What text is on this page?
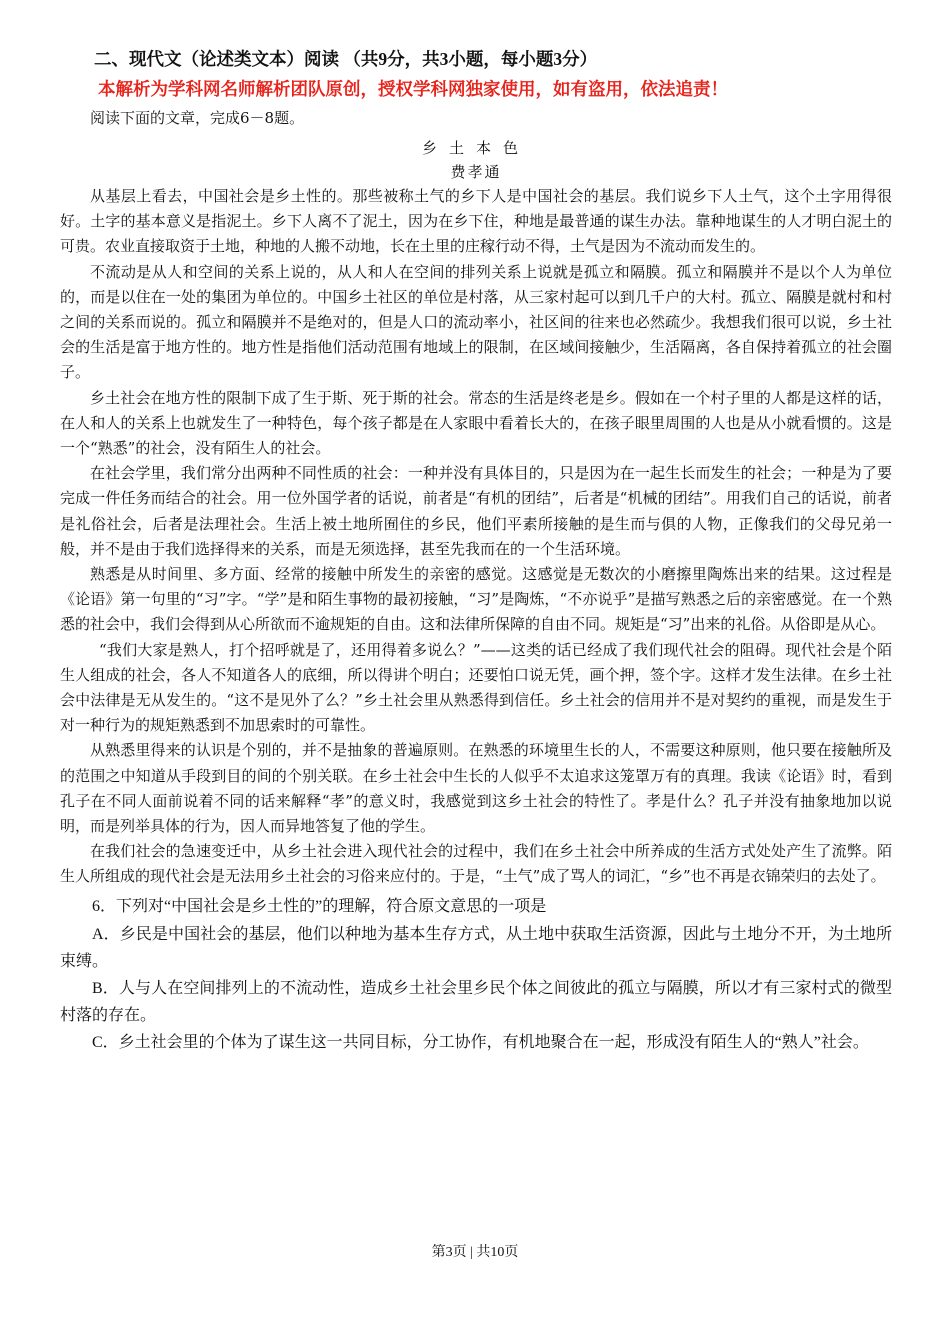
二、现代文（论述类文本）阅读 （共9分，共3小题，每小题3分）
本解析为学科网名师解析团队原创，授权学科网独家使用，如有盗用，依法追责！
阅读下面的文章，完成6－8题。
乡土本色
费孝通

从基层上看去，中国社会是乡土性的。那些被称土气的乡下人是中国社会的基层。我们说乡下人土气，这个土字用得很好。土字的基本意义是指泥土。乡下人离不了泥土，因为在乡下住，种地是最普通的谋生办法。靠种地谋生的人才明白泥土的可贵。农业直接取资于土地，种地的人搬不动地，长在土里的庄稼行动不得，土气是因为不流动而发生的。

不流动是从人和空间的关系上说的，从人和人在空间的排列关系上说就是孤立和隔膜。孤立和隔膜并不是以个人为单位的，而是以住在一处的集团为单位的。中国乡土社区的单位是村落，从三家村起可以到几千户的大村。孤立、隔膜是就村和村之间的关系而说的。孤立和隔膜并不是绝对的，但是人口的流动率小，社区间的往来也必然疏少。我想我们很可以说，乡土社会的生活是富于地方性的。地方性是指他们活动范围有地域上的限制，在区域间接触少，生活隔离，各自保持着孤立的社会圈子。

乡土社会在地方性的限制下成了生于斯、死于斯的社会。常态的生活是终老是乡。假如在一个村子里的人都是这样的话，在人和人的关系上也就发生了一种特色，每个孩子都是在人家眼中看着长大的，在孩子眼里周围的人也是从小就看惯的。这是一个“熟悉”的社会，没有陌生人的社会。

在社会学里，我们常分出两种不同性质的社会：一种并没有具体目的，只是因为在一起生长而发生的社会；一种是为了要完成一件任务而结合的社会。用一位外国学者的话说，前者是“有机的团结”，后者是“机械的团结”。用我们自己的话说，前者是礼俗社会，后者是法理社会。生活上被土地所囿住的乡民，他们平素所接触的是生而与俱的人物，正像我们的父母兄弟一般，并不是由于我们选择得来的关系，而是无须选择，甚至先我而在的一个生活环境。

熟悉是从时间里、多方面、经常的接触中所发生的亲密的感觉。这感觉是无数次的小磨擦里陶炼出来的结果。这过程是《论语》第一句里的“习”字。“学”是和陌生事物的最初接触，“习”是陶炼，“不亦说乎”是描写熟悉之后的亲密感觉。在一个熟悉的社会中，我们会得到从心所欲而不逾规矩的自由。这和法律所保障的自由不同。规矩是“习”出来的礼俗。从俗即是从心。

“我们大家是熟人，打个招呼就是了，还用得着多说么？”——这类的话已经成了我们现代社会的阻碍。现代社会是个陌生人组成的社会，各人不知道各人的底细，所以得讲个明白；还要怕口说无凭，画个押，签个字。这样才发生法律。在乡土社会中法律是无从发生的。“这不是见外了么？”乡土社会里从熟悉得到信任。乡土社会的信用并不是对契约的重视，而是发生于对一种行为的规矩熟悉到不加思索时的可靠性。

从熟悉里得来的认识是个别的，并不是抽象的普遍原则。在熟悉的环境里生长的人，不需要这种原则，他只要在接触所及的范围之中知道从手段到目的间的个别关联。在乡土社会中生长的人似乎不太追求这笼罩万有的真理。我读《论语》时，看到孔子在不同人面前说着不同的话来解释“孝”的意义时，我感觉到这乡土社会的特性了。孝是什么？孔子并没有抽象地加以说明，而是列举具体的行为，因人而异地答复了他的学生。

在我们社会的急速变迁中，从乡土社会进入现代社会的过程中，我们在乡土社会中所养成的生活方式处处产生了流弊。陌生人所组成的现代社会是无法用乡土社会的习俗来应付的。于是，“土气”成了骂人的词汇，“乡”也不再是衣锦荣归的去处了。

6．下列对“中国社会是乡土性的”的理解，符合原文意思的一项是

A．乡民是中国社会的基层，他们以种地为基本生存方式，从土地中获取生活资源，因此与土地分不开，为土地所束缚。

B．人与人在空间排列上的不流动性，造成乡土社会里乡民个体之间彼此的孤立与隔膜，所以才有三家村式的微型村落的存在。

C．乡土社会里的个体为了谋生这一共同目标，分工协作，有机地聚合在一起，形成没有陌生人的“熟人”社会。

第3页 | 共10页
